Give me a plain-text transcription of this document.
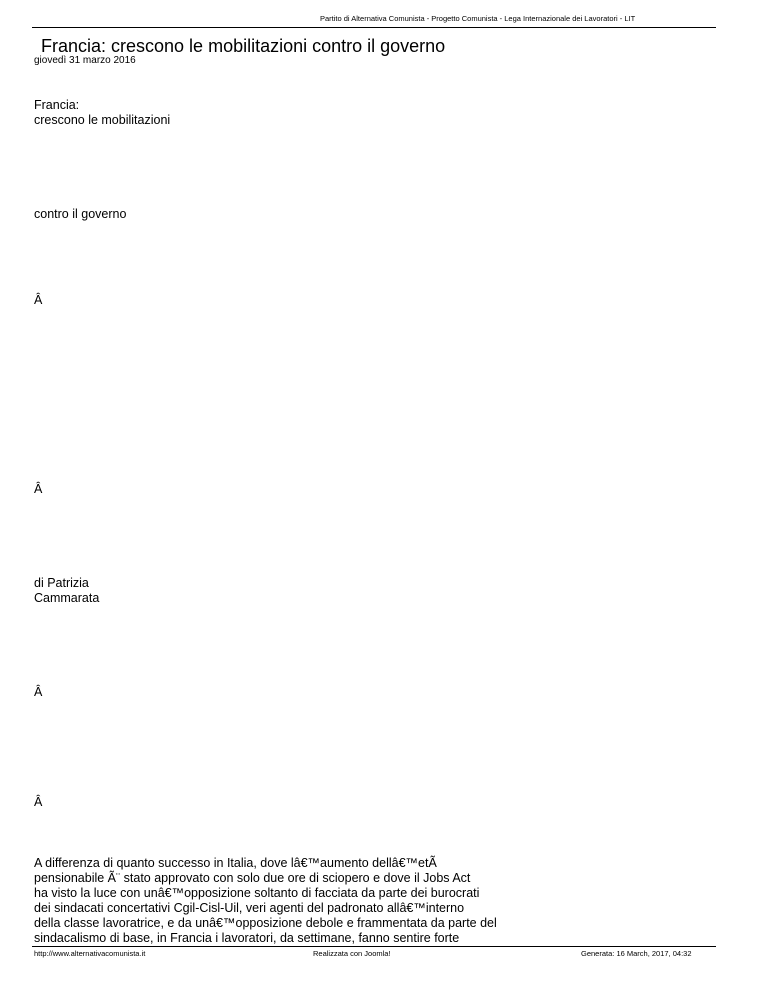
Partito di Alternativa Comunista - Progetto Comunista - Lega Internazionale dei Lavoratori - LIT
Francia: crescono le mobilitazioni contro il governo
giovedì 31 marzo 2016
Francia:
crescono le mobilitazioni
contro il governo
Â
Â
di Patrizia
Cammarata
Â
Â
A differenza di quanto successo in Italia, dove lâ€™aumento dellâ€™etÃ
pensionabile Ã¨ stato approvato con solo due ore di sciopero e dove il Jobs Act
ha visto la luce con unâ€™opposizione soltanto di facciata da parte dei burocrati
dei sindacati concertativi Cgil-Cisl-Uil, veri agenti del padronato allâ€™interno
della classe lavoratrice, e da unâ€™opposizione debole e frammentata da parte del
sindacalismo di base, in Francia i lavoratori, da settimane, fanno sentire forte
http://www.alternativacomunista.it	Realizzata con Joomla!	Generata: 16 March, 2017, 04:32
